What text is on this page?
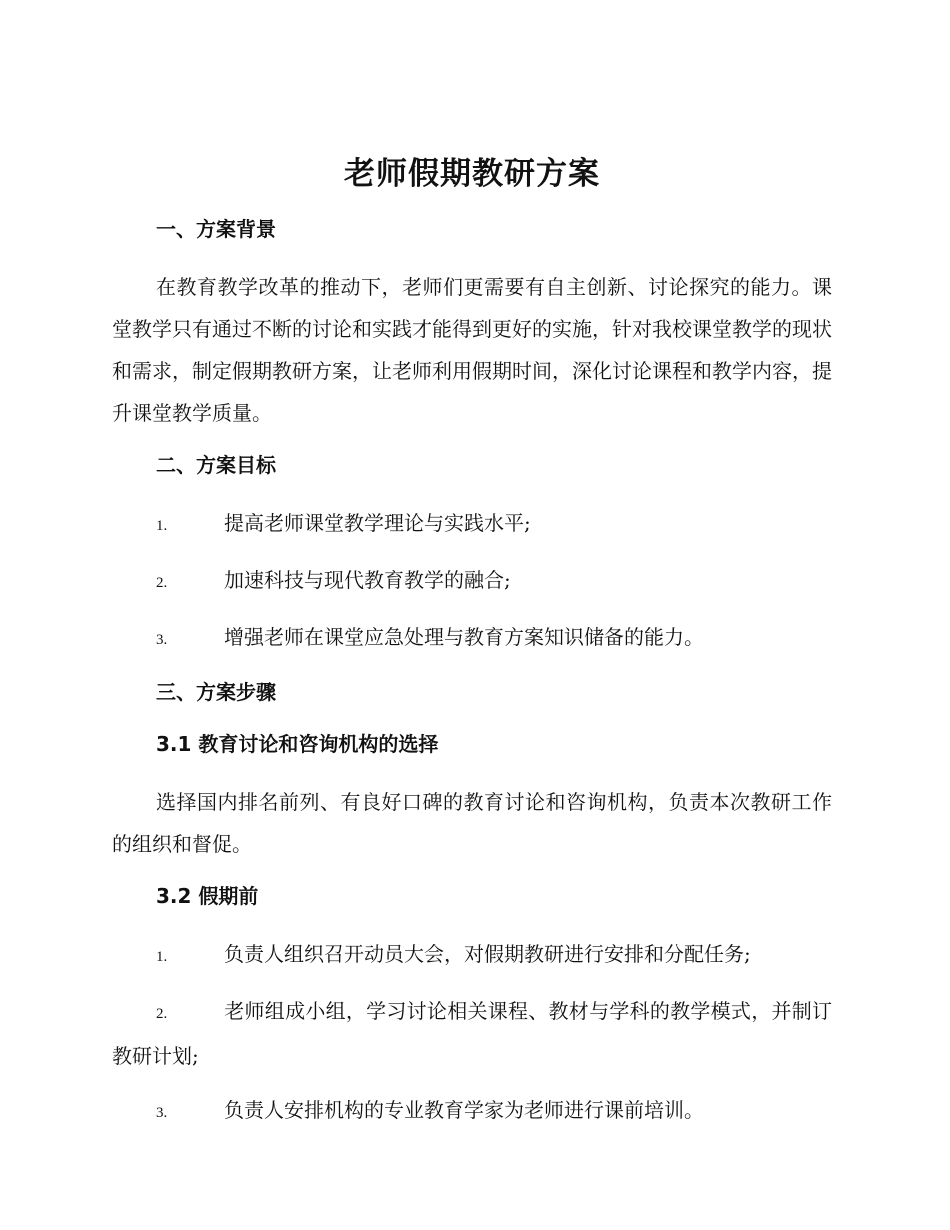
老师假期教研方案
一、方案背景

在教育教学改革的推动下，老师们更需要有自主创新、讨论探究的能力。课堂教学只有通过不断的讨论和实践才能得到更好的实施，针对我校课堂教学的现状和需求，制定假期教研方案，让老师利用假期时间，深化讨论课程和教学内容，提升课堂教学质量。

二、方案目标
1.	提高老师课堂教学理论与实践水平;
2.	加速科技与现代教育教学的融合;
3.	增强老师在课堂应急处理与教育方案知识储备的能力。
三、方案步骤
3.1 教育讨论和咨询机构的选择

选择国内排名前列、有良好口碑的教育讨论和咨询机构，负责本次教研工作的组织和督促。

3.2 假期前
1.	负责人组织召开动员大会，对假期教研进行安排和分配任务;
2.	老师组成小组，学习讨论相关课程、教材与学科的教学模式，并制订教研计划;
3.	负责人安排机构的专业教育学家为老师进行课前培训。
